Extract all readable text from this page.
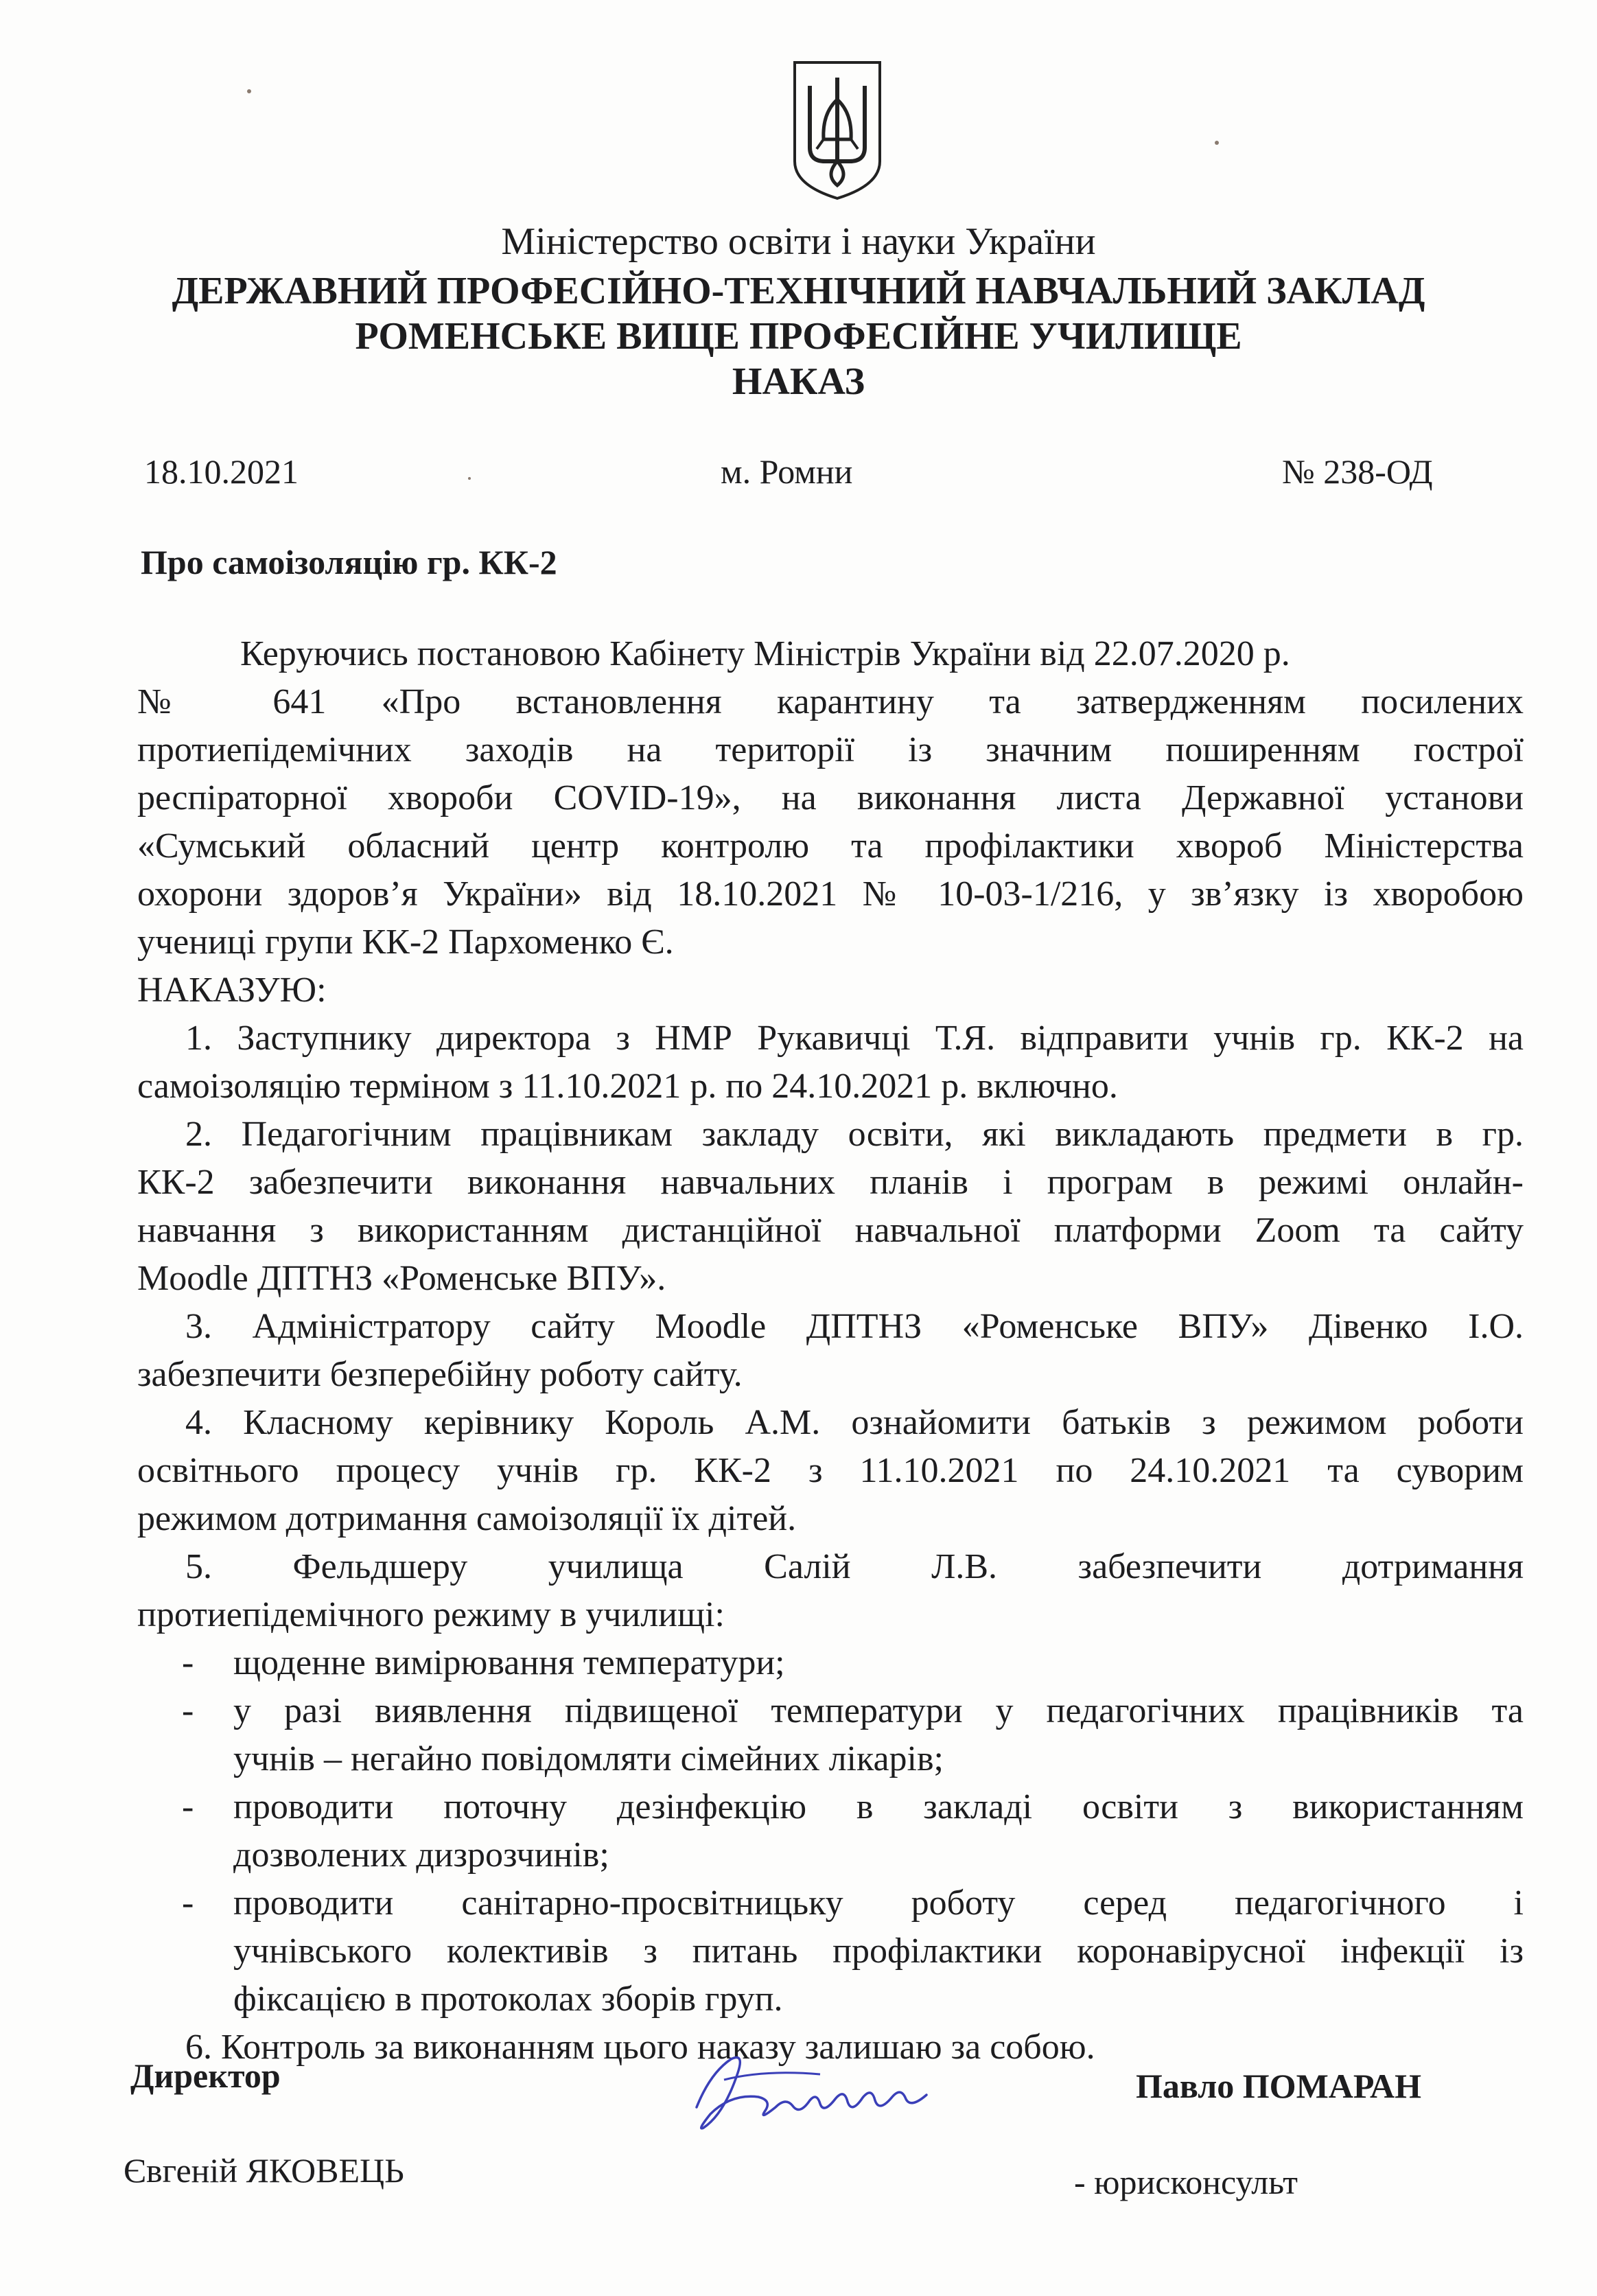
Міністерство освіти і науки України
ДЕРЖАВНИЙ ПРОФЕСІЙНО-ТЕХНІЧНИЙ НАВЧАЛЬНИЙ ЗАКЛАД
РОМЕНСЬКЕ ВИЩЕ ПРОФЕСІЙНЕ УЧИЛИЩЕ
НАКАЗ
18.10.2021	м. Ромни	№ 238-ОД
Про самоізоляцію гр. КК-2

Керуючись постановою Кабінету Міністрів України від 22.07.2020 р.

№ 641 «Про встановлення карантину та затвердженням посилених

протиепідемічних заходів на території із значним поширенням гострої

респіраторної хвороби COVID-19», на виконання листа Державної установи

«Сумський обласний центр контролю та профілактики хвороб Міністерства

охорони здоров’я України» від 18.10.2021 № 10-03-1/216, у зв’язку із хворобою

учениці групи КК-2 Пархоменко Є.

НАКАЗУЮ:

1. Заступнику директора з НМР Рукавичці Т.Я. відправити учнів гр. КК-2 на

самоізоляцію терміном з 11.10.2021 р. по 24.10.2021 р. включно.

2. Педагогічним працівникам закладу освіти, які викладають предмети в гр.

КК-2 забезпечити виконання навчальних планів і програм в режимі онлайн-

навчання з використанням дистанційної навчальної платформи Zoom та сайту

Moodle ДПТНЗ «Роменське ВПУ».

3. Адміністратору сайту Moodle ДПТНЗ «Роменське ВПУ» Дівенко І.О.

забезпечити безперебійну роботу сайту.

4. Класному керівнику Король А.М. ознайомити батьків з режимом роботи

освітнього процесу учнів гр. КК-2 з 11.10.2021 по 24.10.2021 та суворим

режимом дотримання самоізоляції їх дітей.

5. Фельдшеру училища Салій Л.В. забезпечити дотримання

протиепідемічного режиму в училищі:

- щоденне вимірювання температури;

- у разі виявлення підвищеної температури у педагогічних працівників та

учнів – негайно повідомляти сімейних лікарів;

- проводити поточну дезінфекцію в закладі освіти з використанням

дозволених дизрозчинів;

- проводити санітарно-просвітницьку роботу серед педагогічного і

учнівського колективів з питань профілактики коронавірусної інфекції із

фіксацією в протоколах зборів груп.

6. Контроль за виконанням цього наказу залишаю за собою.

Директор	Павло ПОМАРАН
Євгеній ЯКОВЕЦЬ	- юрисконсульт
